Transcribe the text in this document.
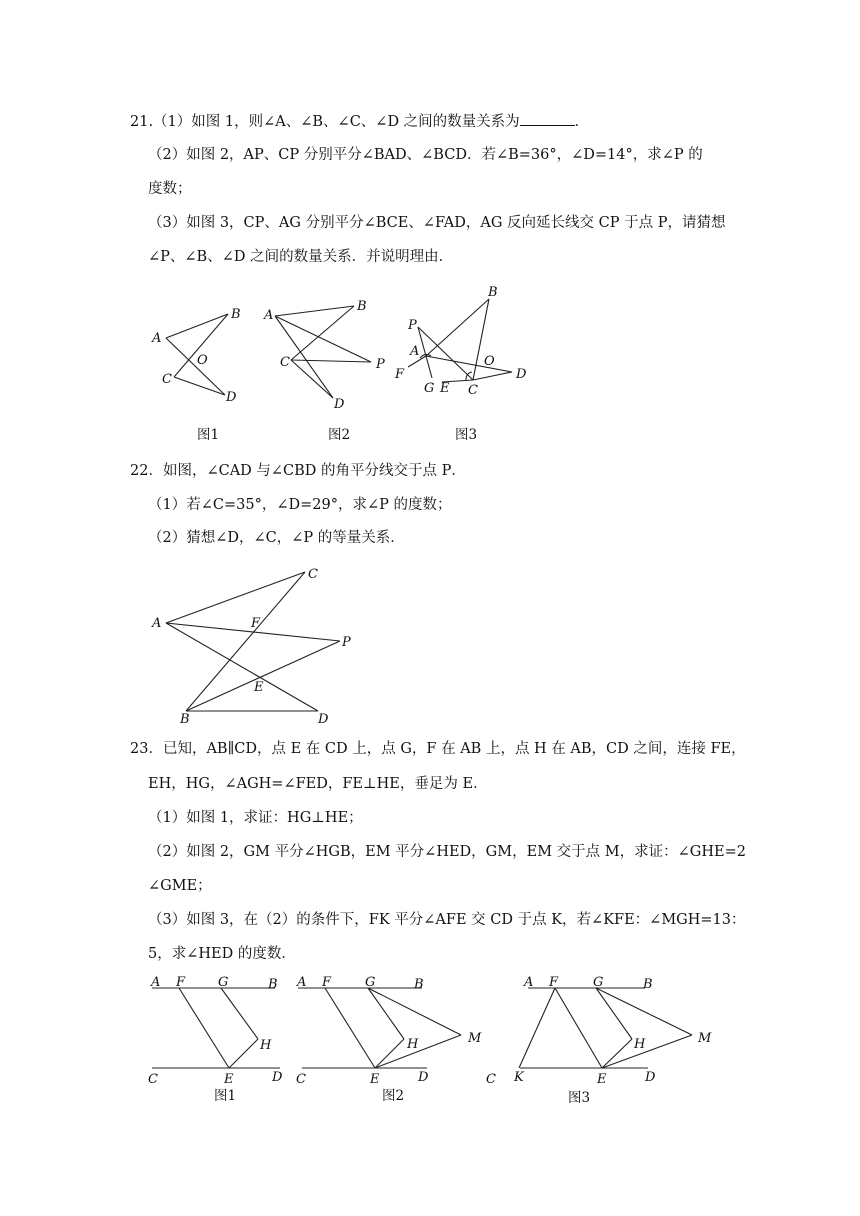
21.（1）如图 1，则∠A、∠B、∠C、∠D 之间的数量关系为	．
（2）如图 2，AP、CP 分别平分∠BAD、∠BCD．若∠B=36°，∠D=14°，求∠P 的
度数；
（3）如图 3，CP、AG 分别平分∠BCE、∠FAD，AG 反向延长线交 CP 于点 P，请猜想
∠P、∠B、∠D 之间的数量关系．并说明理由．
A
B
O
C
D
图1
A
B
C	P
D
图2
B
P
A
O
D
F
G E C
图3
22．如图，∠CAD 与∠CBD 的角平分线交于点 P．
（1）若∠C=35°，∠D=29°，求∠P 的度数；
（2）猜想∠D，∠C，∠P 的等量关系．
C
A	F
P
E
B	D
23．已知，AB∥CD，点 E 在 CD 上，点 G，F 在 AB 上，点 H 在 AB，CD 之间，连接 FE，
EH，HG，∠AGH=∠FED，FE⊥HE，垂足为 E．
（1）如图 1，求证：HG⊥HE；
（2）如图 2，GM 平分∠HGB，EM 平分∠HED，GM，EM 交于点 M，求证：∠GHE=2
∠GME；
（3）如图 3，在（2）的条件下，FK 平分∠AFE 交 CD 于点 K，若∠KFE：∠MGH=13：
5，求∠HED 的度数．
A F	G	B
H
C	E	D
图1
A F	G	B
M
H
C	E	D
图2
A F	G	B
M
H
C K	E	D
图3
